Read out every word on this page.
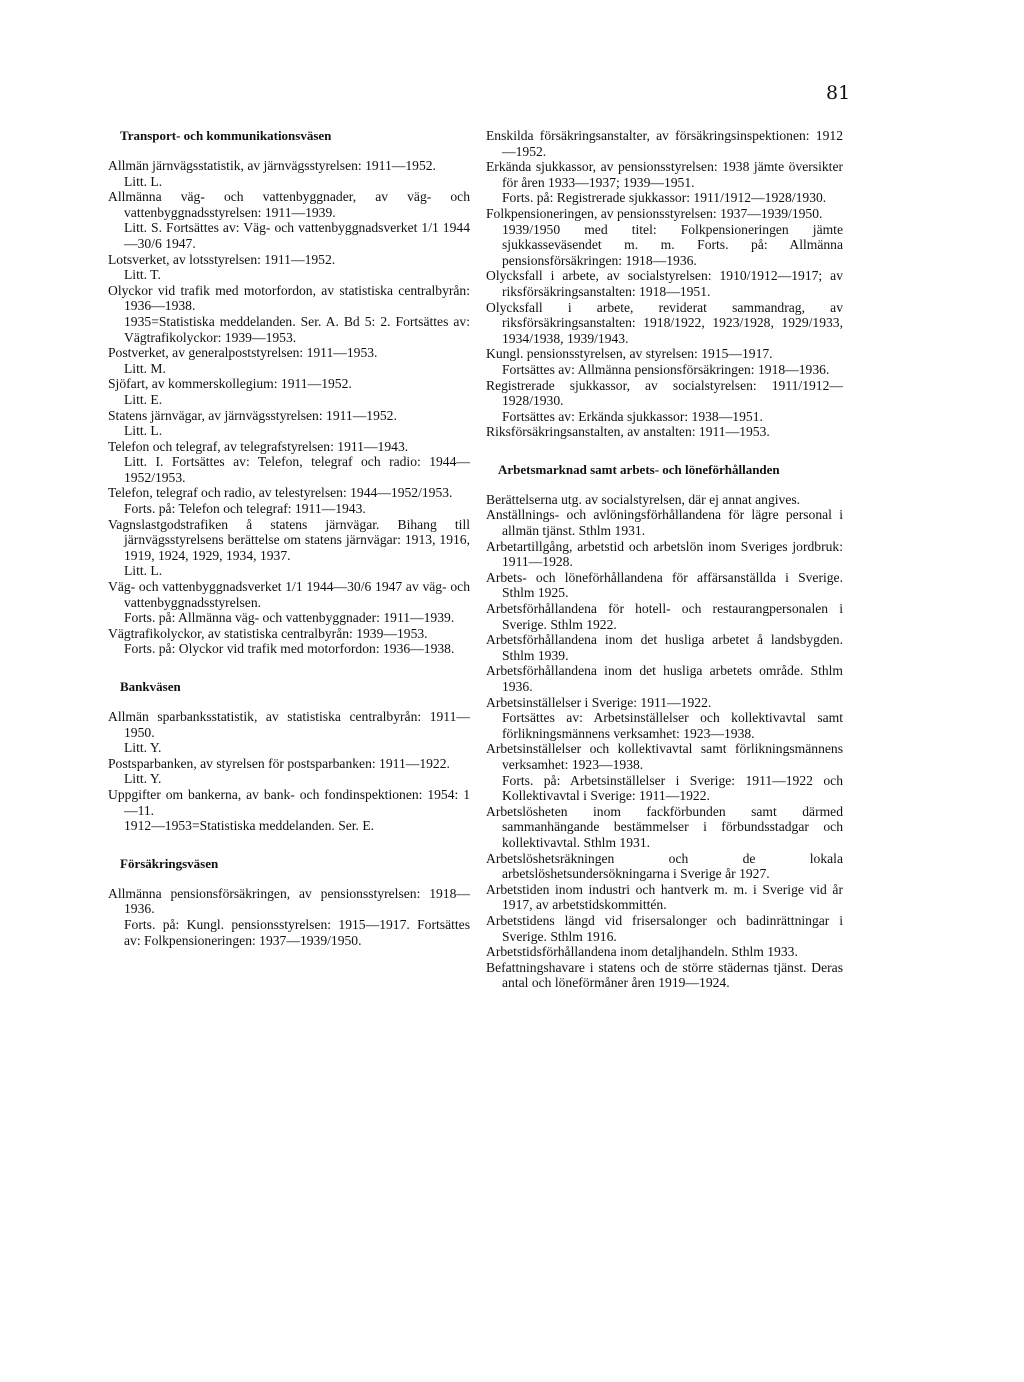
81

Transport- och kommunikationsväsen

Allmän järnvägsstatistik, av järnvägsstyrelsen: 1911—1952.

Litt. L.

Allmänna väg- och vattenbyggnader, av väg- och vattenbyggnadsstyrelsen: 1911—1939.

Litt. S. Fortsättes av: Väg- och vattenbyggnadsverket 1/1 1944—30/6 1947.

Lotsverket, av lotsstyrelsen: 1911—1952.

Litt. T.

Olyckor vid trafik med motorfordon, av statistiska centralbyrån: 1936—1938.

1935=Statistiska meddelanden. Ser. A. Bd 5: 2. Fortsättes av: Vägtrafikolyckor: 1939—1953.

Postverket, av generalpoststyrelsen: 1911—1953.

Litt. M.

Sjöfart, av kommerskollegium: 1911—1952.

Litt. E.

Statens järnvägar, av järnvägsstyrelsen: 1911—1952.

Litt. L.

Telefon och telegraf, av telegrafstyrelsen: 1911—1943.

Litt. I. Fortsättes av: Telefon, telegraf och radio: 1944—1952/1953.

Telefon, telegraf och radio, av telestyrelsen: 1944—1952/1953.

Forts. på: Telefon och telegraf: 1911—1943.

Vagnslastgodstrafiken å statens järnvägar. Bihang till järnvägsstyrelsens berättelse om statens järnvägar: 1913, 1916, 1919, 1924, 1929, 1934, 1937.

Litt. L.

Väg- och vattenbyggnadsverket 1/1 1944—30/6 1947 av väg- och vattenbyggnadsstyrelsen.

Forts. på: Allmänna väg- och vattenbyggnader: 1911—1939.

Vägtrafikolyckor, av statistiska centralbyrån: 1939—1953.

Forts. på: Olyckor vid trafik med motorfordon: 1936—1938.

Bankväsen

Allmän sparbanksstatistik, av statistiska centralbyrån: 1911—1950.

Litt. Y.

Postsparbanken, av styrelsen för postsparbanken: 1911—1922.

Litt. Y.

Uppgifter om bankerna, av bank- och fondinspektionen: 1954: 1—11.

1912—1953=Statistiska meddelanden. Ser. E.

Försäkringsväsen

Allmänna pensionsförsäkringen, av pensionsstyrelsen: 1918—1936.

Forts. på: Kungl. pensionsstyrelsen: 1915—1917. Fortsättes av: Folkpensioneringen: 1937—1939/1950.

Enskilda försäkringsanstalter, av försäkringsinspektionen: 1912—1952.

Erkända sjukkassor, av pensionsstyrelsen: 1938 jämte översikter för åren 1933—1937; 1939—1951.

Forts. på: Registrerade sjukkassor: 1911/1912—1928/1930.

Folkpensioneringen, av pensionsstyrelsen: 1937—1939/1950.

1939/1950 med titel: Folkpensioneringen jämte sjukkasseväsendet m. m. Forts. på: Allmänna pensionsförsäkringen: 1918—1936.

Olycksfall i arbete, av socialstyrelsen: 1910/1912—1917; av riksförsäkringsanstalten: 1918—1951.

Olycksfall i arbete, reviderat sammandrag, av riksförsäkringsanstalten: 1918/1922, 1923/1928, 1929/1933, 1934/1938, 1939/1943.

Kungl. pensionsstyrelsen, av styrelsen: 1915—1917.

Fortsättes av: Allmänna pensionsförsäkringen: 1918—1936.

Registrerade sjukkassor, av socialstyrelsen: 1911/1912—1928/1930.

Fortsättes av: Erkända sjukkassor: 1938—1951.

Riksförsäkringsanstalten, av anstalten: 1911—1953.

Arbetsmarknad samt arbets- och löneförhållanden

Berättelserna utg. av socialstyrelsen, där ej annat angives.

Anställnings- och avlöningsförhållandena för lägre personal i allmän tjänst. Sthlm 1931.

Arbetartillgång, arbetstid och arbetslön inom Sveriges jordbruk: 1911—1928.

Arbets- och löneförhållandena för affärsanställda i Sverige. Sthlm 1925.

Arbetsförhållandena för hotell- och restaurangpersonalen i Sverige. Sthlm 1922.

Arbetsförhållandena inom det husliga arbetet å landsbygden. Sthlm 1939.

Arbetsförhållandena inom det husliga arbetets område. Sthlm 1936.

Arbetsinställelser i Sverige: 1911—1922.

Fortsättes av: Arbetsinställelser och kollektivavtal samt förlikningsmännens verksamhet: 1923—1938.

Arbetsinställelser och kollektivavtal samt förlikningsmännens verksamhet: 1923—1938.

Forts. på: Arbetsinställelser i Sverige: 1911—1922 och Kollektivavtal i Sverige: 1911—1922.

Arbetslösheten inom fackförbunden samt därmed sammanhängande bestämmelser i förbundsstadgar och kollektivavtal. Sthlm 1931.

Arbetslöshetsräkningen och de lokala arbetslöshetsundersökningarna i Sverige år 1927.

Arbetstiden inom industri och hantverk m. m. i Sverige vid år 1917, av arbetstidskommittén.

Arbetstidens längd vid frisersalonger och badinrättningar i Sverige. Sthlm 1916.

Arbetstidsförhållandena inom detaljhandeln. Sthlm 1933.

Befattningshavare i statens och de större städernas tjänst. Deras antal och löneförmåner åren 1919—1924.
